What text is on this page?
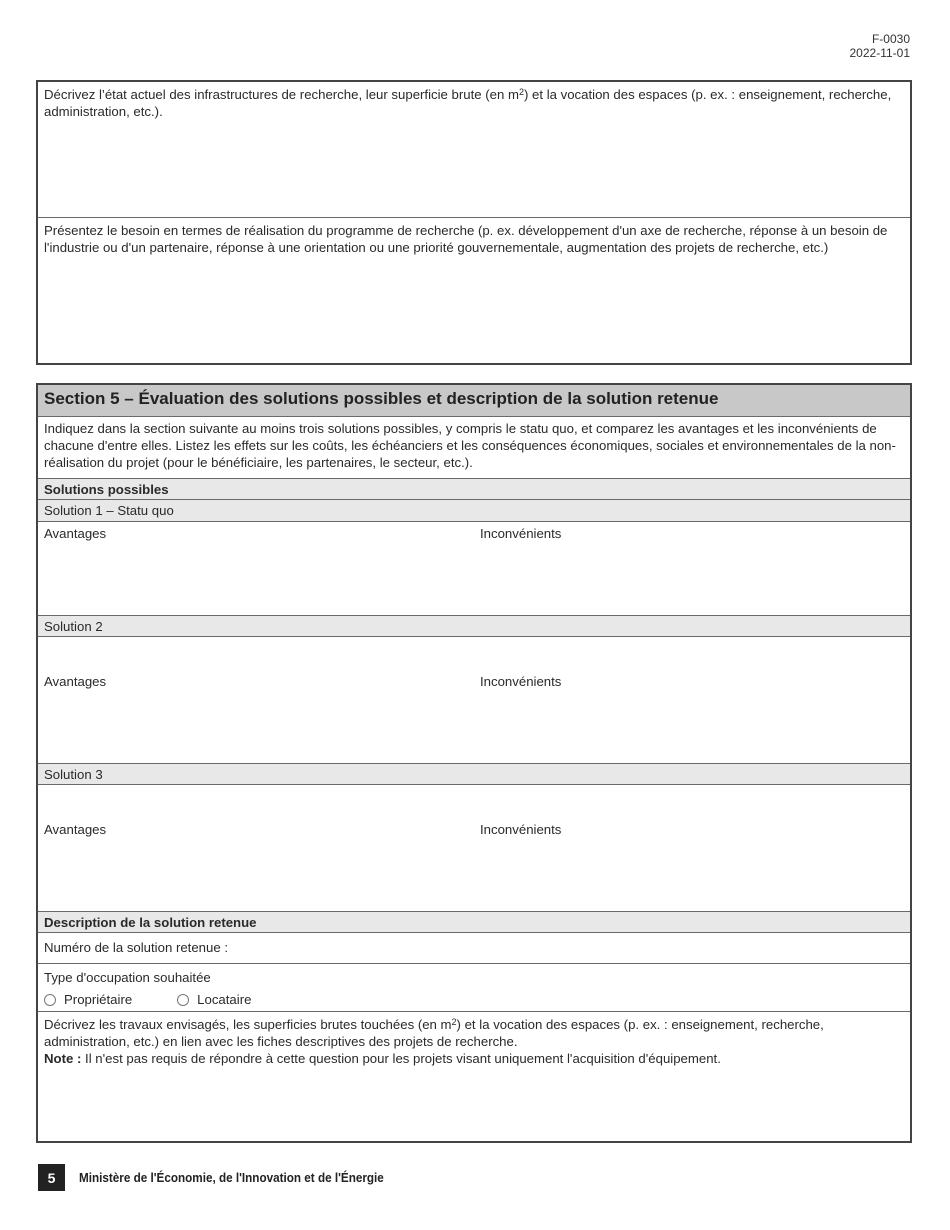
F-0030
2022-11-01
Décrivez l’état actuel des infrastructures de recherche, leur superficie brute (en $m^2$) et la vocation des espaces (p. ex. : enseignement, recherche, administration, etc.).
Présentez le besoin en termes de réalisation du programme de recherche (p. ex. développement d'un axe de recherche, réponse à un besoin de l'industrie ou d'un partenaire, réponse à une orientation ou une priorité gouvernementale, augmentation des projets de recherche, etc.)
Section 5 – Évaluation des solutions possibles et description de la solution retenue
Indiquez dans la section suivante au moins trois solutions possibles, y compris le statu quo, et comparez les avantages et les inconvénients de chacune d'entre elles. Listez les effets sur les coûts, les échéanciers et les conséquences économiques, sociales et environnementales de la non-réalisation du projet (pour le bénéficiaire, les partenaires, le secteur, etc.).
Solutions possibles
Solution 1 – Statu quo
Avantages	Inconvénients
Solution 2
Avantages	Inconvénients
Solution 3
Avantages	Inconvénients
Description de la solution retenue
Numéro de la solution retenue :
Type d'occupation souhaitée
Propriétaire	Locataire
Décrivez les travaux envisagés, les superficies brutes touchées (en $m^2$) et la vocation des espaces (p. ex. : enseignement, recherche, administration, etc.) en lien avec les fiches descriptives des projets de recherche.
Note : Il n'est pas requis de répondre à cette question pour les projets visant uniquement l'acquisition d'équipement.
5	Ministère de l'Économie, de l'Innovation et de l'Énergie
